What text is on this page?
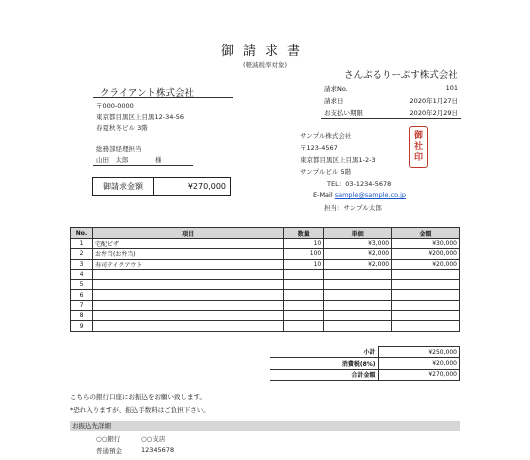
御請求書
(軽減税率対象)
クライアント株式会社
〒000-0000
東京都目黒区上目黒12-34-56
春夏秋冬ビル 3階
総務部経理担当
山田　太郎	様
さんぷるりーぷす株式会社
請求No.	101
請求日	2020年1月27日
お支払い期限	2020年2月29日
サンプル株式会社
〒123-4567
東京都目黒区上目黒1-2-3
サンプルビル 5階
TEL：03-1234-5678
E-Mail sample@sample.co.jp
担当：サンプル太郎
御
社
印
御請求金額	¥270,000
No.	項目	数量	単価	金額
1	宅配ピザ	10	¥3,000	¥30,000
2	お弁当(お弁当)	100	¥2,000	¥200,000
3	寿司テイクアウト	10	¥2,000	¥20,000
4				
5				
6				
7				
8				
9				
小計	¥250,000
消費税(8%)	¥20,000
合計金額	¥270,000
こちらの銀行口座にお振込をお願い致します。
*恐れ入りますが、振込手数料はご負担下さい。
お振込先詳細
○○銀行	○○支店
普通預金	12345678
